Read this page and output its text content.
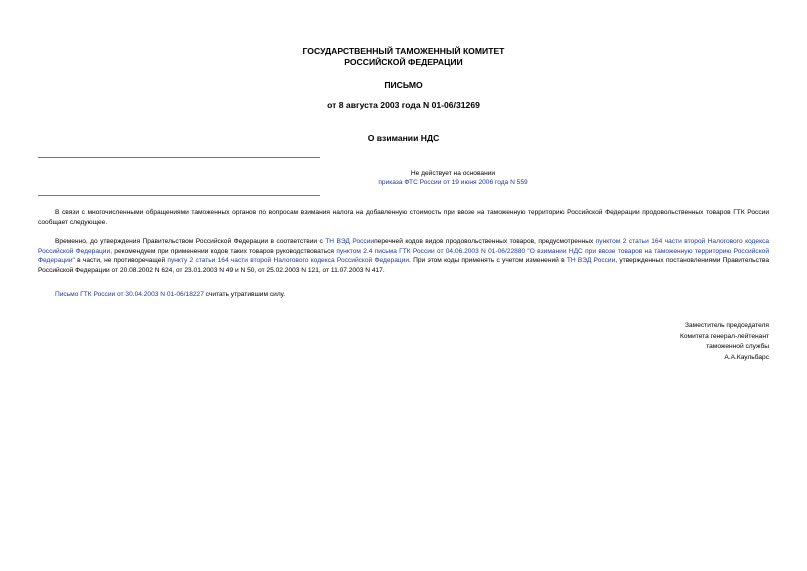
ГОСУДАРСТВЕННЫЙ ТАМОЖЕННЫЙ КОМИТЕТ
РОССИЙСКОЙ ФЕДЕРАЦИИ
ПИСЬМО
от 8 августа 2003 года N 01-06/31269
О взимании НДС
Не действует на основании
приказа ФТС России от 19 июня 2006 года N 559
В связи с многочисленными обращениями таможенных органов по вопросам взимания налога на добавленную стоимость при ввозе на таможенную территорию Российской Федерации продовольственных товаров ГТК России сообщает следующее.
Временно, до утверждения Правительством Российской Федерации в соответствии с ТН ВЭД Россииперечней кодов видов продовольственных товаров, предусмотренных пунктом 2 статьи 164 части второй Налогового кодекса Российской Федерации, рекомендуем при применении кодов таких товаров руководствоваться пунктом 2.4 письма ГТК России от 04.06.2003 N 01-06/22880 "О взимании НДС при ввозе товаров на таможенную территорию Российской Федерации" в части, не противоречащей пункту 2 статьи 164 части второй Налогового кодекса Российской Федерации. При этом коды применять с учетом изменений в ТН ВЭД России, утвержденных постановлениями Правительства Российской Федерации от 20.08.2002 N 624, от 23.01.2003 N 49 и N 50, от 25.02.2003 N 121, от 11.07.2003 N 417.
Письмо ГТК России от 30.04.2003 N 01-06/18227 считать утратившим силу.
Заместитель председателя
Комитета генерал-лейтенант
таможенной службы
А.А.Каульбарс
